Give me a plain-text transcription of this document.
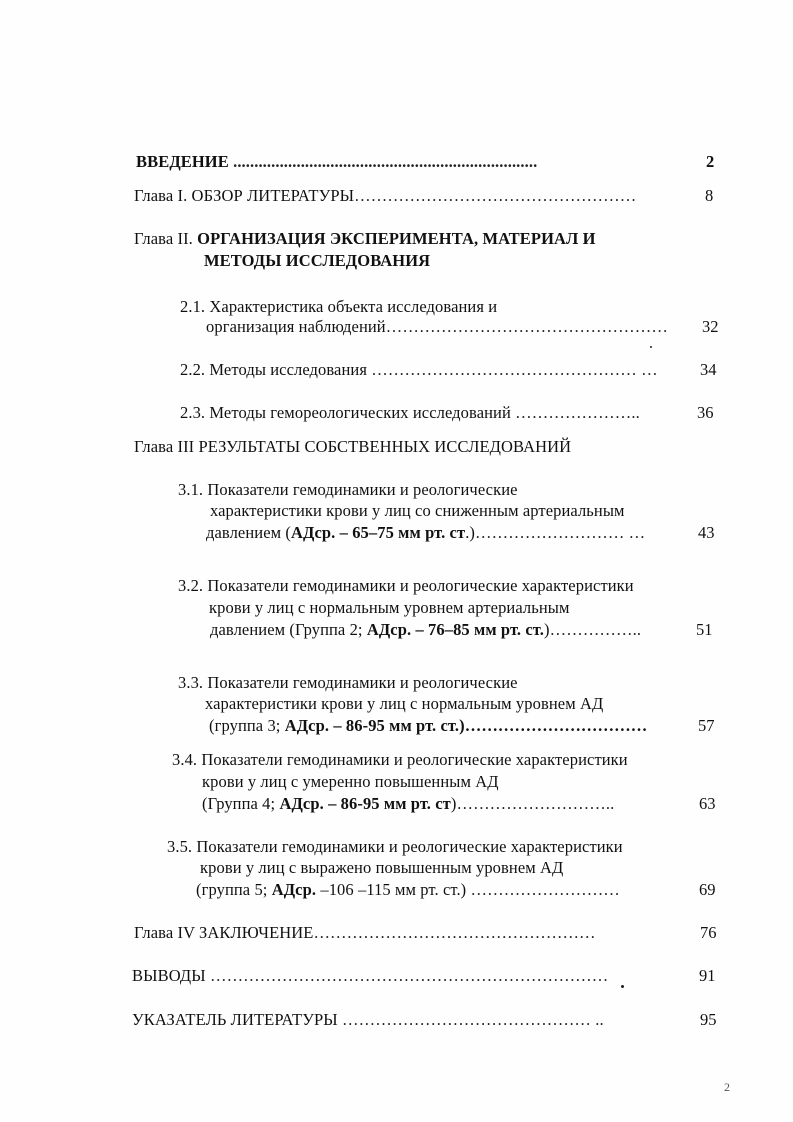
ВВЕДЕНИЕ ........................................................................	2
Глава I. ОБЗОР ЛИТЕРАТУРЫ……………………………………………	8
Глава II. ОРГАНИЗАЦИЯ ЭКСПЕРИМЕНТА, МАТЕРИАЛ И
МЕТОДЫ ИССЛЕДОВАНИЯ
2.1. Характеристика объекта исследования и
организация наблюдений…………………………………………… 32
2.2. Методы исследования ………………………………………… …	34
2.3. Методы гемореологических исследований …………………..	36
Глава III РЕЗУЛЬТАТЫ СОБСТВЕННЫХ ИССЛЕДОВАНИЙ
3.1. Показатели гемодинамики и реологические
характеристики крови у лиц со сниженным артериальным
давлением (АДср. – 65–75 мм рт. ст.)……………………… …	43
3.2. Показатели гемодинамики и реологические характеристики
крови у лиц с нормальным уровнем артериальным
давлением (Группа 2; АДср. – 76–85 мм рт. ст.)……………..	51
3.3. Показатели гемодинамики и реологические
характеристики крови у лиц с нормальным уровнем АД
(группа 3; АДср. – 86-95 мм рт. ст.)……………………………	57
3.4. Показатели гемодинамики и реологические характеристики
крови у лиц с умеренно повышенным АД
(Группа 4; АДср. – 86-95 мм рт. ст)………………………..	63
3.5. Показатели гемодинамики и реологические характеристики
крови у лиц с выражено повышенным уровнем АД
(группа 5; АДср. –106 –115 мм рт. ст.) ………………………	69
Глава IV ЗАКЛЮЧЕНИЕ……………………………………………	76
ВЫВОДЫ ………………………………………………………………	91
УКАЗАТЕЛЬ ЛИТЕРАТУРЫ ……………………………………… ..	95
2
